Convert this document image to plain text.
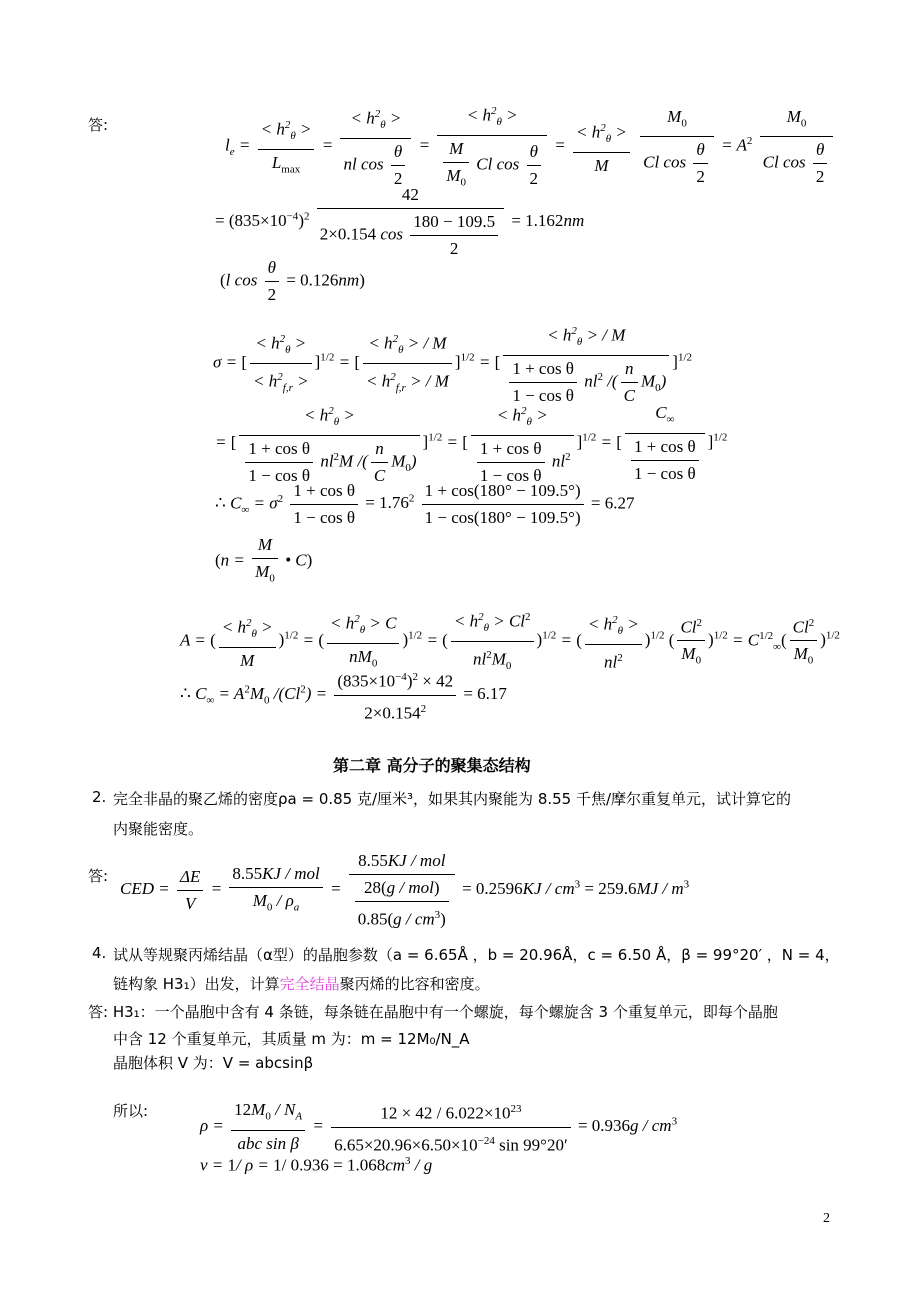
答:
$l_e = \frac{< h^2_\theta >}{L_{max}} = \frac{< h^2_\theta >}{nl \cos \frac{\theta}{2}} = \frac{< h^2_\theta >}{\frac{M}{M_0} Cl \cos \frac{\theta}{2}} = \frac{< h^2_\theta >}{M}$
$\frac{M_0}{Cl \cos \frac{\theta}{2}} = A^2 \frac{M_0}{Cl \cos \frac{\theta}{2}}$
= $(835\times 10^{-4})^2 \frac{42}{2\times 0.154 \cos \frac{180 - 109.5}{2}} = 1.162nm$
(l $\cos \frac{\theta}{2} = 0.126nm$)
σ = [ $\frac{< h^2_\theta >}{< h^2_{f,r} >} ]^{1/2}$ = [ $\frac{< h^2_\theta > / M}{< h^2_{f,r} > / M} ]^{1/2}$ = [ $\frac{< h^2_\theta > / M}{\frac{\text{1 + cos θ}}{\text{1 − cos θ}} nl^2 /( \frac{n}{C} M_0)} ]^{1/2}$
= [ $\frac{< h^2_\theta >}{\frac{\text{1 + cos θ}}{\text{1 − cos θ}} nl^2M /( \frac{n}{C} M_0)} ]^{1/2}$ = [ $\frac{< h^2_\theta >}{\frac{\text{1 + cos θ}}{\text{1 − cos θ}} nl^2} ]^{1/2}$ = [ $\frac{C_\infty}{\frac{\text{1 + cos θ}}{\text{1 − cos θ}}} ]^{1/2}$
∴ $C_\infty = \sigma^2 \frac{\text{1 + cos θ}}{\text{1 − cos θ}} = 1.76^2 \frac{1 + \cos(180^\circ - 109.5^\circ)}{1 - \cos(180^\circ - 109.5^\circ)} = 6.27$
($n = \frac{M}{M_0}$ • C)
A = ( $\frac{< h^2_\theta >}{M} )^{1/2}$ = ( $\frac{< h^2_\theta > C}{nM_0} )^{1/2}$ = ( $\frac{< h^2_\theta > Cl^2}{nl^2M_0} )^{1/2}$ = ( $\frac{< h^2_\theta >}{nl^2} )^{1/2}$ ( $\frac{Cl^2}{M_0} )^{1/2} = C^{1/2}_\infty( \frac{Cl^2}{M_0} )^{1/2}$
∴ $C_\infty = A^2M_0$ $/(Cl^2) = \frac{(835\times 10^{-4})^2 \times 42}{2\times 0.154^2} = 6.17$
第二章 高分子的聚集态结构
2. 完全非晶的聚乙烯的密度ρa = 0.85 克/厘米³，如果其内聚能为 8.55 千焦/摩尔重复单元，试计算它的
内聚能密度。
答:
CED = $\frac{\Delta E}{V} = \frac{\text{8.55KJ / mol}}{M_0 / \rho_a} = \frac{\text{8.55KJ / mol}}{\frac{\text{28(g / mol)}}{0.85(g / cm^3)}} = 0.2596KJ / cm^3 = 259.6MJ / m^3$
4. 试从等规聚丙烯结晶（α型）的晶胞参数（a = 6.65Å ，b = 20.96Å，c = 6.50 Å，β = 99°20′ ，N = 4，
链构象 H3₁）出发，计算完全结晶聚丙烯的比容和密度。
答: H3₁：一个晶胞中含有 4 条链，每条链在晶胞中有一个螺旋，每个螺旋含 3 个重复单元，即每个晶胞
中含 12 个重复单元，其质量 m 为：m = 12M₀/N_A
晶胞体积 V 为：V = abcsinβ
所以:
$\rho = \frac{12M_0 / N_A}{\text{abc sin β}} = \frac{12 \times 42 / 6.022\times 10^{23}}{6.65\times 20.96\times 6.50\times 10^{-24} \sin 99^\circ 20'} = 0.936g / cm^3$
v = 1/ ρ = 1/ $0.936 = 1.068cm^3 / g$
2
